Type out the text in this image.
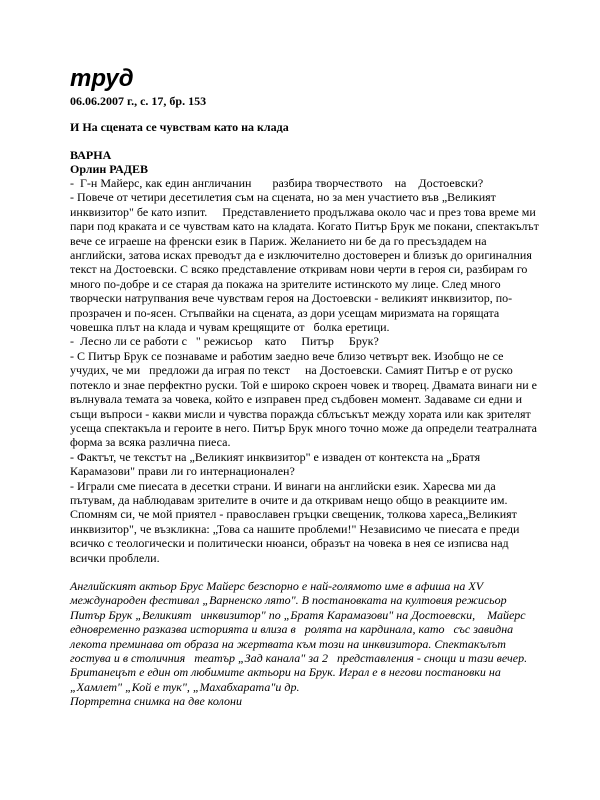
труд
06.06.2007 г., с. 17, бр. 153
И На сцената се чувствам като на клада
ВАРНА
Орлин РАДЕВ

-  Г-н Майерс, как един англичанин       разбира творчеството    на    Достоевски?

- Повече от четири десетилетия съм на сцената, но за мен участието във „Великият инквизитор" бе като изпит.     Представлението продължава около час и през това време ми пари под краката и се чувствам като на кладата. Когато Питър Брук ме покани, спектакълът вече се играеше на френски език в Париж. Желанието ни бе да го пресъздадем на английски, затова исках преводът да е изключително достоверен и близък до оригиналния текст на Достоевски. С всяко представление откривам нови черти в героя си, разбирам го много по-добре и се старая да покажа на зрителите истинското му лице. След много творчески натрупвания вече чувствам героя на Достоевски - великият инквизитор, по- прозрачен и по-ясен. Стъпвайки на сцената, аз дори усещам миризмата на горящата човешка плът на клада и чувам крещящите от   болка еретици.

-  Лесно ли се работи с   " режисьор    като     Питър     Брук?

- С Питър Брук се познаваме и работим заедно вече близо четвърт век. Изобщо не се учудих, че ми   предложи да играя по текст     на Достоевски. Самият Питър е от руско потекло и знае перфектно руски. Той е широко скроен човек и творец. Двамата винаги ни е вълнувала темата за човека, който е изправен пред съдбовен момент. Задаваме си едни и същи въпроси - какви мисли и чувства поражда сблъсъкът между хората или как зрителят усеща спектакъла и героите в него. Питър Брук много точно може да определи театралната форма за всяка различна пиеса.

- Фактът, че текстът на „Великият инквизитор" е изваден от контекста на „Братя Карамазови" прави ли го интернационален?

- Играли сме пиесата в десетки страни. И винаги на английски език. Харесва ми да пътувам, да наблюдавам зрителите в очите и да откривам нещо общо в реакциите им. Спомням си, че мой приятел - православен гръцки свещеник, толкова хареса„Великият инквизитор", че възкликна: „Това са нашите проблеми!" Независимо че пиесата е преди всичко с теологически и политически нюанси, образът на човека в нея се изписва над всички проблели.

Английският актьор Брус Майерс безспорно е най-голямото име в афиша на XV международен фестивал „Варненско лято". В постановката на култовия режисьор Питър Брук „Великият   инквизитор" по „Братя Карамазови" на Достоевски,    Майерс едновременно разказва историята и влиза в   ролята на кардинала, като   със завидна лекота преминава от образа на жертвата към този на инквизитора. Спектакълът гостува и в столичния   театър „Зад канала" за 2   представления - снощи и тази вечер.  Британецът е един от любимите актьори на Брук. Играл е в негови постановки на „Хамлет" „Кой е тук", „Махабхарата"и др.

Портретна снимка на две колони
